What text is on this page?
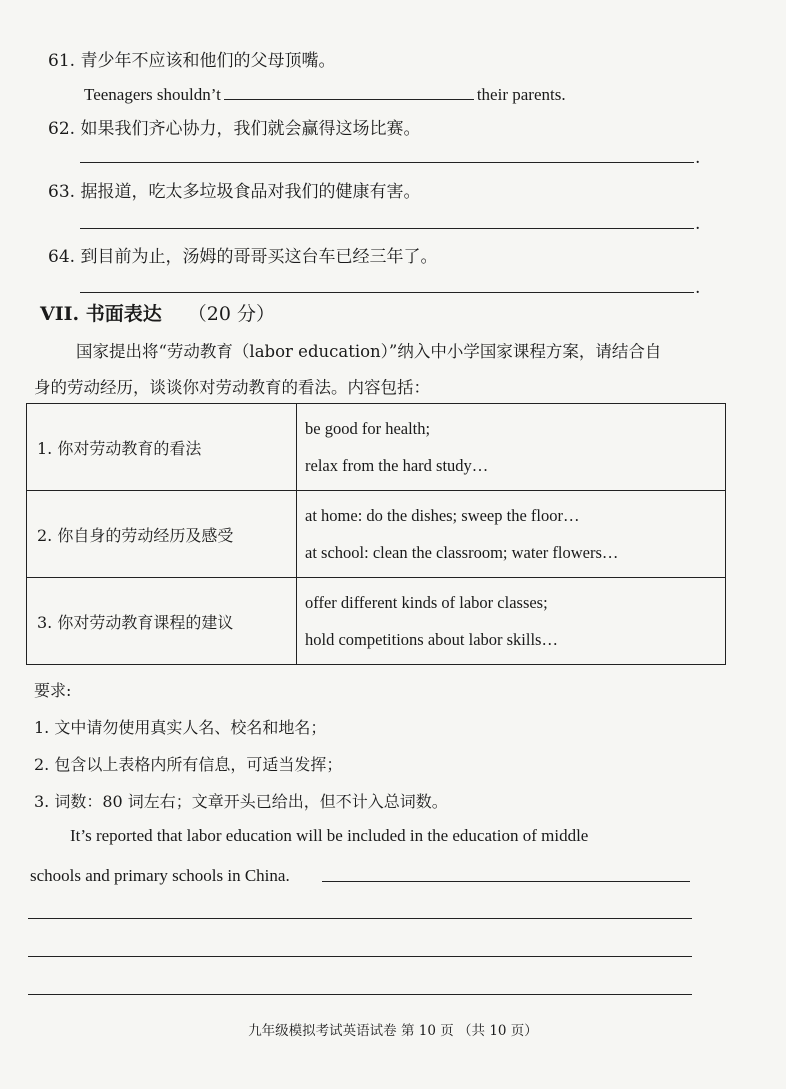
61. 青少年不应该和他们的父母顶嘴。
Teenagers shouldn’t	their parents.
62. 如果我们齐心协力，我们就会赢得这场比赛。
.
63. 据报道，吃太多垃圾食品对我们的健康有害。
.
64. 到目前为止，汤姆的哥哥买这台车已经三年了。
.
VII. 书面表达 （20 分）
国家提出将“劳动教育（labor education）”纳入中小学国家课程方案，请结合自
身的劳动经历，谈谈你对劳动教育的看法。内容包括：
1. 你对劳动教育的看法	be good for health;
relax from the hard study…

2. 你自身的劳动经历及感受	at home: do the dishes; sweep the floor…
at school: clean the classroom; water flowers…

3. 你对劳动教育课程的建议	offer different kinds of labor classes;
hold competitions about labor skills…
要求:
1. 文中请勿使用真实人名、校名和地名；
2. 包含以上表格内所有信息，可适当发挥；
3. 词数：80 词左右；文章开头已给出，但不计入总词数。
It’s reported that labor education will be included in the education of middle
schools and primary schools in China.
九年级模拟考试英语试卷 第 10 页 （共 10 页）
